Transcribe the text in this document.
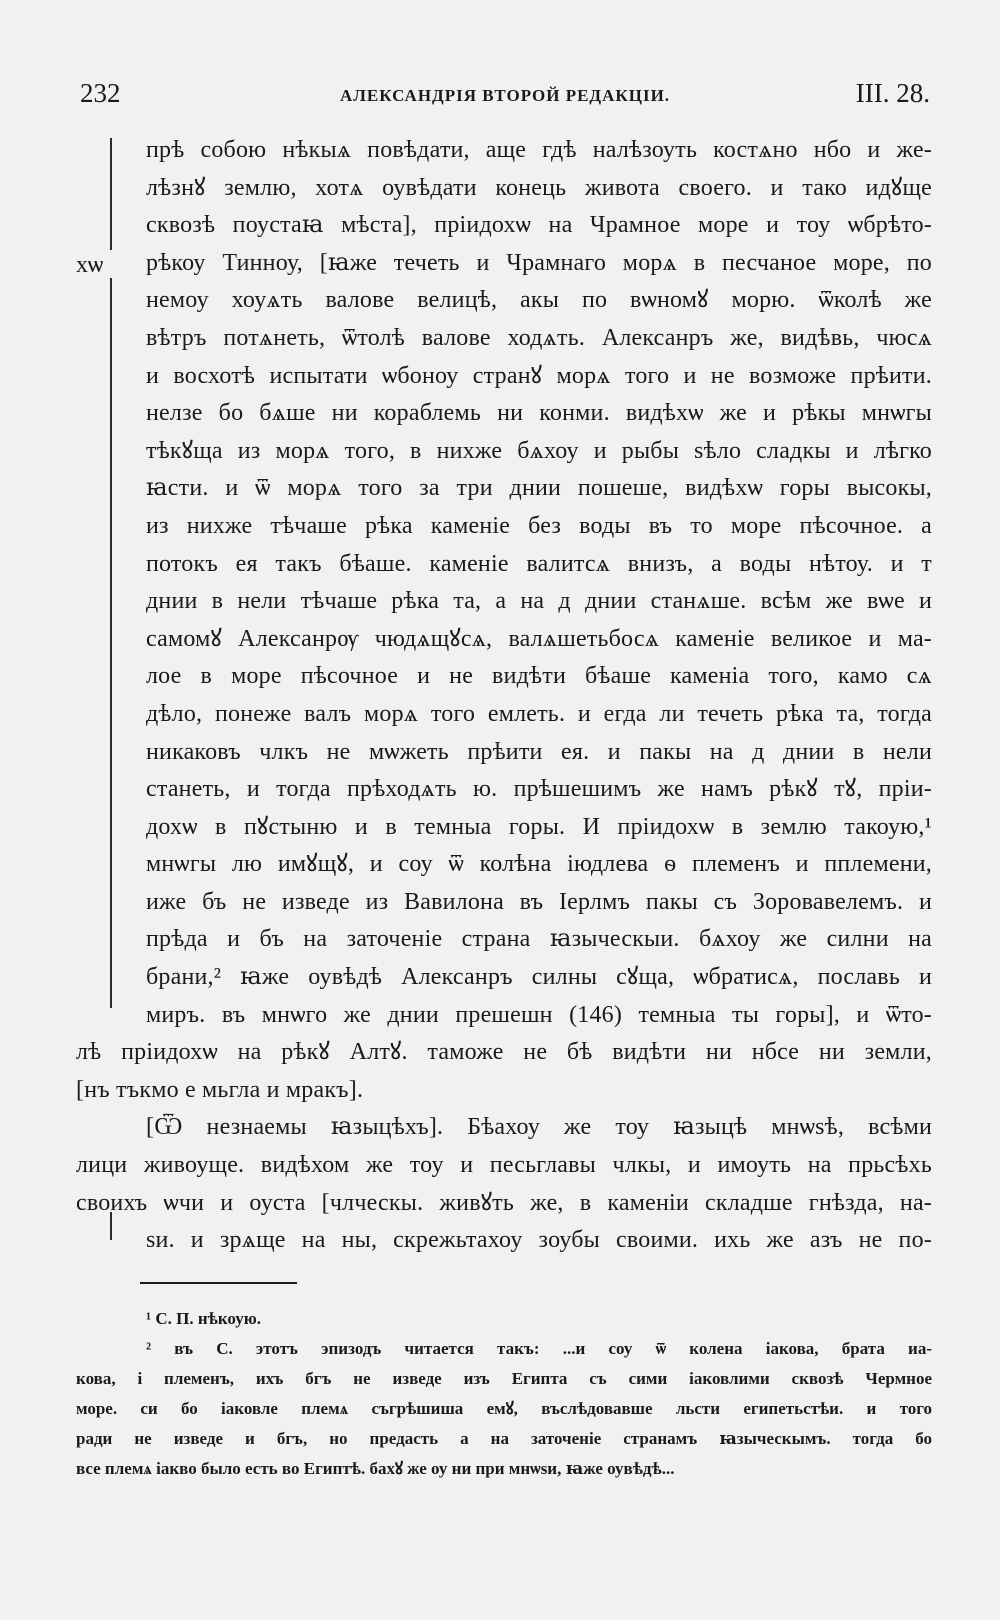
232	АЛЕКСАНДРІЯ ВТОРОЙ РЕДАКЦІИ.	III. 28.
хѡ
прѣ собою нѣкыѧ повѣдати, аще гдѣ налѣзоуть костѧно нбо и же-
лѣзнꙋ землю, хотѧ оувѣдати конець живота своего. и тако идꙋще
сквозѣ поустаꙗ мѣста], пріидохѡ на Чрамное море и тоу ѡбрѣто-
рѣкоу Тинноу, [ꙗже течеть и Чрамнаго морѧ в песчаное море, по
немоу хоуѧть валове велицѣ, акы по вѡномꙋ морю. ѿколѣ же
вѣтръ потѧнеть, ѿтолѣ валове ходѧть. Алексанръ же, видѣвь, чюсѧ
и восхотѣ испытати ѡбоноу странꙋ морѧ того и не возможе прѣити.
нелзе бо бѧше ни кораблемь ни конми. видѣхѡ же и рѣкы мнѡгы
тѣкꙋща из морѧ того, в нихже бѧхоу и рыбы ѕѣло сладкы и лѣгко
ꙗсти. и ѿ морѧ того за три днии пошеше, видѣхѡ горы высокы,
из нихже тѣчаше рѣка каменіе без воды въ то море пѣсочное. а
потокъ ея такъ бѣаше. каменіе валитсѧ внизъ, а воды нѣтоу. и т
днии в нели тѣчаше рѣка та, а на д днии станѧше. всѣм же вѡе и
самомꙋ Алексанрѹ чюдѧщꙋсѧ, валѧшетьбосѧ каменіе великое и ма-
лое в море пѣсочное и не видѣти бѣаше каменіа того, камо сѧ
дѣло, понеже валъ морѧ того емлеть. и егда ли течеть рѣка та, тогда
никаковъ члкъ не мѡжеть прѣити ея. и пакы на д днии в нели
станеть, и тогда прѣходѧть ю. прѣшешимъ же намъ рѣкꙋ тꙋ, пріи-
дохѡ в пꙋстыню и в темныа горы. И пріидохѡ в землю такоую,¹
мнѡгы лю имꙋщꙋ, и соу ѿ колѣна іюдлева ѳ племенъ и пплемени,
иже бъ не изведе из Вавилона въ Іерлмъ пакы съ Зоровавелемъ. и
прѣда и бъ на заточеніе страна ꙗзыческыи. бѧхоу же силни на
брани,² ꙗже оувѣдѣ Алексанръ силны сꙋща, ѡбратисѧ, пославь и
миръ. въ мнѡго же днии прешешн (146) темныа ты горы], и ѿто-
лѣ пріидохѡ на рѣкꙋ Алтꙋ. таможе не бѣ видѣти ни нбсе ни земли,
[нъ тъкмо е мьгла и мракъ].
[Ѿ незнаемы ꙗзыцѣхъ]. Бѣахоу же тоу ꙗзыцѣ мнѡѕѣ, всѣми
лици живоуще. видѣхом же тоу и песьглавы члкы, и имоуть на прьсѣхь
своихъ ѡчи и оуста [члческы. живꙋть же, в каменіи складше гнѣзда, на-
ѕи. и зрѧще на ны, скрежьтахоу зоубы своими. ихь же азъ не по-
¹ С. П. нѣкоую.
² въ С. этотъ эпизодъ читается такъ: ...и соу ѿ колена іакова, брата иа-
кова, і племенъ, ихъ бгъ не изведе изъ Египта съ сими іаковлими сквозѣ Чермное
море. си бо іаковле племѧ съгрѣшиша емꙋ, въслѣдовавше льсти египетьстѣи. и того
ради не изведе и бгъ, но предасть а на заточеніе странамъ ꙗзыческымъ. тогда бо
все племѧ іакво было есть во Египтѣ. бахꙋ же оу ни при мнѡѕи, ꙗже оувѣдѣ...
